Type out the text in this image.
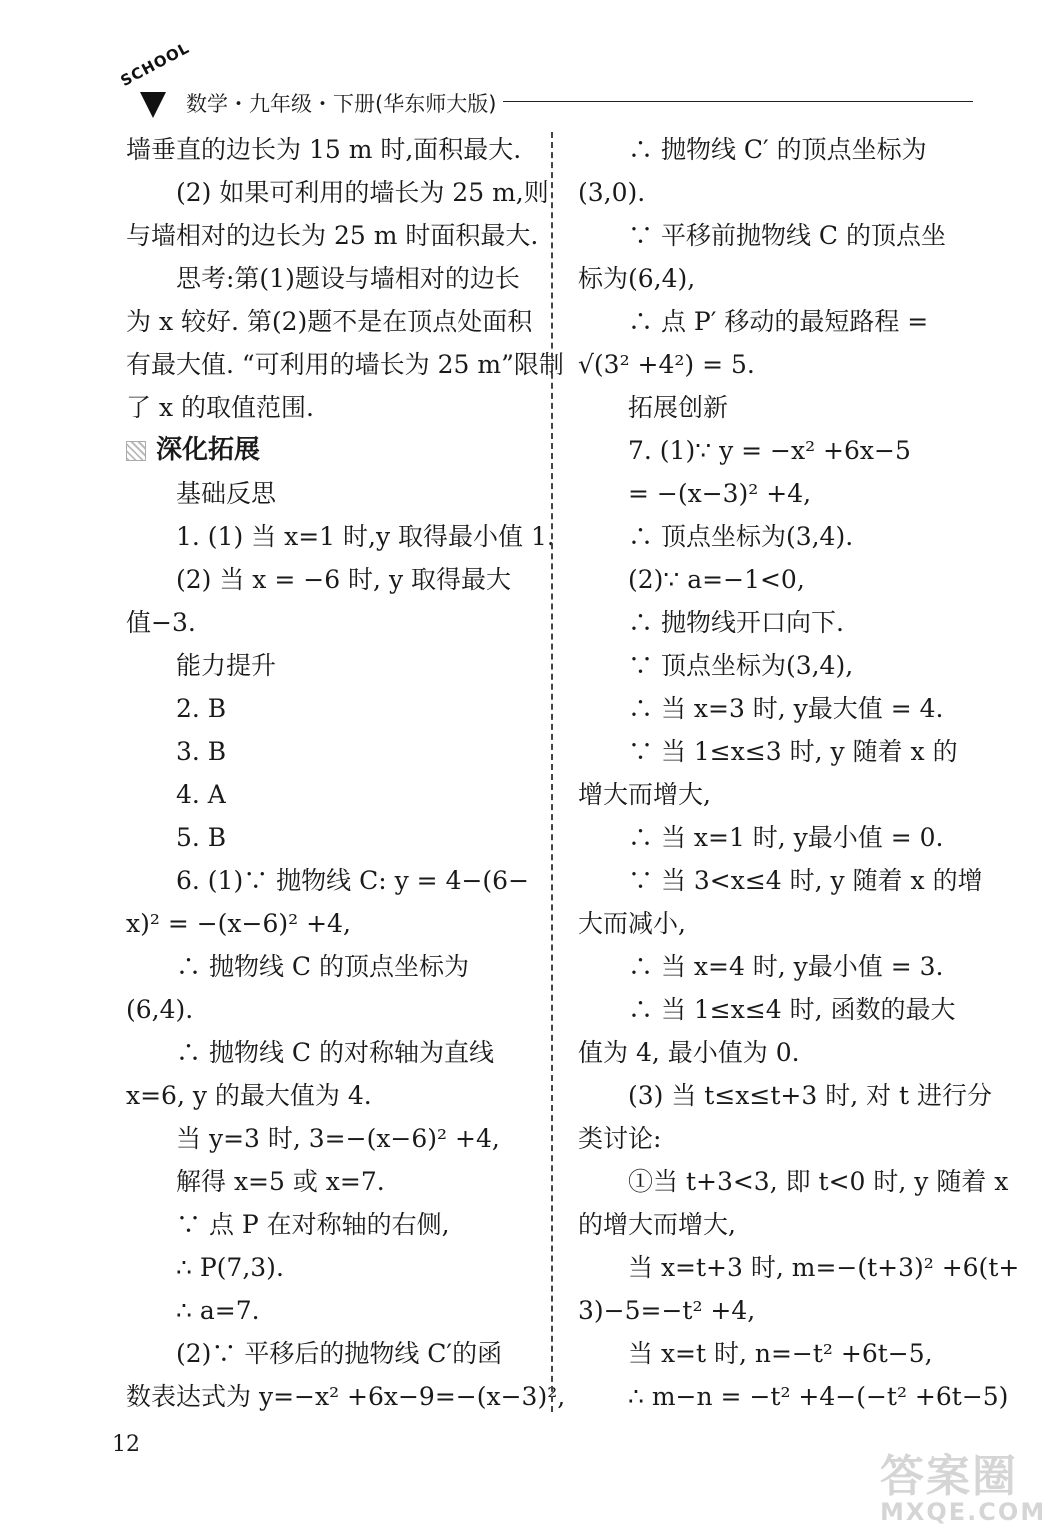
SCHOOL
数学・九年级・下册(华东师大版)
墙垂直的边长为 15 m 时,面积最大.
(2) 如果可利用的墙长为 25 m,则
与墙相对的边长为 25 m 时面积最大.
思考:第(1)题设与墙相对的边长
为 x 较好. 第(2)题不是在顶点处面积
有最大值. “可利用的墙长为 25 m”限制
了 x 的取值范围.
深化拓展
基础反思
1. (1) 当 x=1 时,y 取得最小值 1.
(2) 当 x = −6 时, y 取得最大
值−3.
能力提升
2. B
3. B
4. A
5. B
6. (1)∵ 抛物线 C: y = 4−(6−
x)² = −(x−6)² +4,
∴ 抛物线 C 的顶点坐标为
(6,4).
∴ 抛物线 C 的对称轴为直线
x=6, y 的最大值为 4.
当 y=3 时, 3=−(x−6)² +4,
解得 x=5 或 x=7.
∵ 点 P 在对称轴的右侧,
∴ P(7,3).
∴ a=7.
(2)∵ 平移后的抛物线 C′的函
数表达式为 y=−x² +6x−9=−(x−3)²,
∴ 抛物线 C′ 的顶点坐标为
(3,0).
∵ 平移前抛物线 C 的顶点坐
标为(6,4),
∴ 点 P′ 移动的最短路程 =
√(3² +4²) = 5.
拓展创新
7. (1)∵ y = −x² +6x−5
= −(x−3)² +4,
∴ 顶点坐标为(3,4).
(2)∵ a=−1<0,
∴ 抛物线开口向下.
∵ 顶点坐标为(3,4),
∴ 当 x=3 时, y最大值 = 4.
∵ 当 1≤x≤3 时, y 随着 x 的
增大而增大,
∴ 当 x=1 时, y最小值 = 0.
∵ 当 3<x≤4 时, y 随着 x 的增
大而减小,
∴ 当 x=4 时, y最小值 = 3.
∴ 当 1≤x≤4 时, 函数的最大
值为 4, 最小值为 0.
(3) 当 t≤x≤t+3 时, 对 t 进行分
类讨论:
①当 t+3<3, 即 t<0 时, y 随着 x
的增大而增大,
当 x=t+3 时, m=−(t+3)² +6(t+
3)−5=−t² +4,
当 x=t 时, n=−t² +6t−5,
∴ m−n = −t² +4−(−t² +6t−5)
12
答案圈
MXQE.COM
